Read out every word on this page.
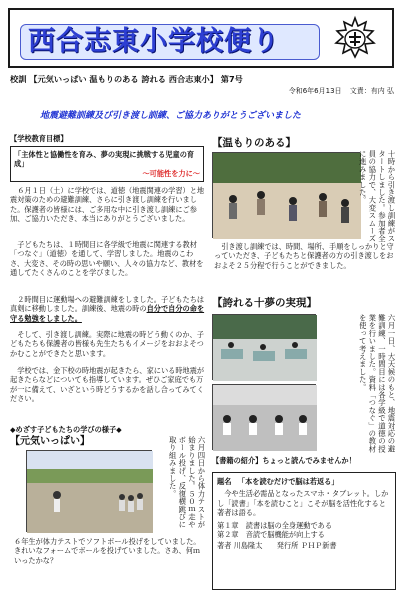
西合志東小学校便り
校訓 【元気いっぱい 温もりのある 誇れる 西合志東小】 第7号
令和6年6月13日 文責：有内 弘
地震避難訓練及び引き渡し訓練、ご協力ありがとうございました
【学校教育目標】
「主体性と協働性を育み、夢の実現に挑戦する児童の育成」
〜可能性を力に〜
６月１日（土）に学校では、道徳（地震関連の学習）と地震対策のための避難訓練、さらに引き渡し訓練を行いました。保護者の皆様には、ご多用な中に引き渡し訓練にご参加、ご協力いただき、本当にありがとうございました。
子どもたちは、１時間目に各学級で地震に関連する教材「つなぐ」（道徳）を通して、学習しました。地震のこわさ、大変さ、その時の思いや願い、人々の協力など、教材を通してたくさんのことを学びました。
２時間目に運動場への避難訓練をしました。子どもたちは真剣に移動しました。訓練後、地震の時の自分で自分の命を守る勉強をしました。
そして、引き渡し訓練。実際に地震の時どう動くのか、子どもたちも保護者の皆様も先生たちもイメージをおおよそつかむことができたと思います。
学校では、金下校の時地震が起きたら、家にいる時地震が起きたらなどについても指導しています。ぜひご家庭でも万が一に備えて、いざという時どうするかを話し合ってみてください。
◆めざす子どもたちの学びの様子◆
【元気いっぱい】	六月四日から体力テストが始まりました。５０ｍ走やボール投げ、反復横跳びに取り組みました。
６年生が体力テストでソフトボール投げをしていました。きれいなフォームでボールを投げていました。さあ、何ｍいったかな？
【温もりのある】
十時から引き渡し訓練がスタートしました。参加者全員の協力で、大変スムーズに進みました。
引き渡し訓練では、時間、場所、手順をしっかりと守っていただき、子どもたちと保護者の方の引き渡しをおおよそ２５分程で行うことができました。
【誇れる十夢の実現】
六月一日、大天候のもと、地震対応の避難訓練、一時間目には各学級で道徳の授業を行いました。資料「つなぐ」の教材を使って考えました。
【書籍の紹介】ちょっと読んでみませんか！
題名 「本を読むだけで脳は若返る」
今や生活必需品となったスマホ・タブレット。しかし「読書」「本を読むこと」こそが脳を活性化すると著者は語る。
第１章　読書は脳の全身運動である
第２章　音読で脳機能が向上する
著者 川島隆太　　発行所 ＰＨＰ新書
